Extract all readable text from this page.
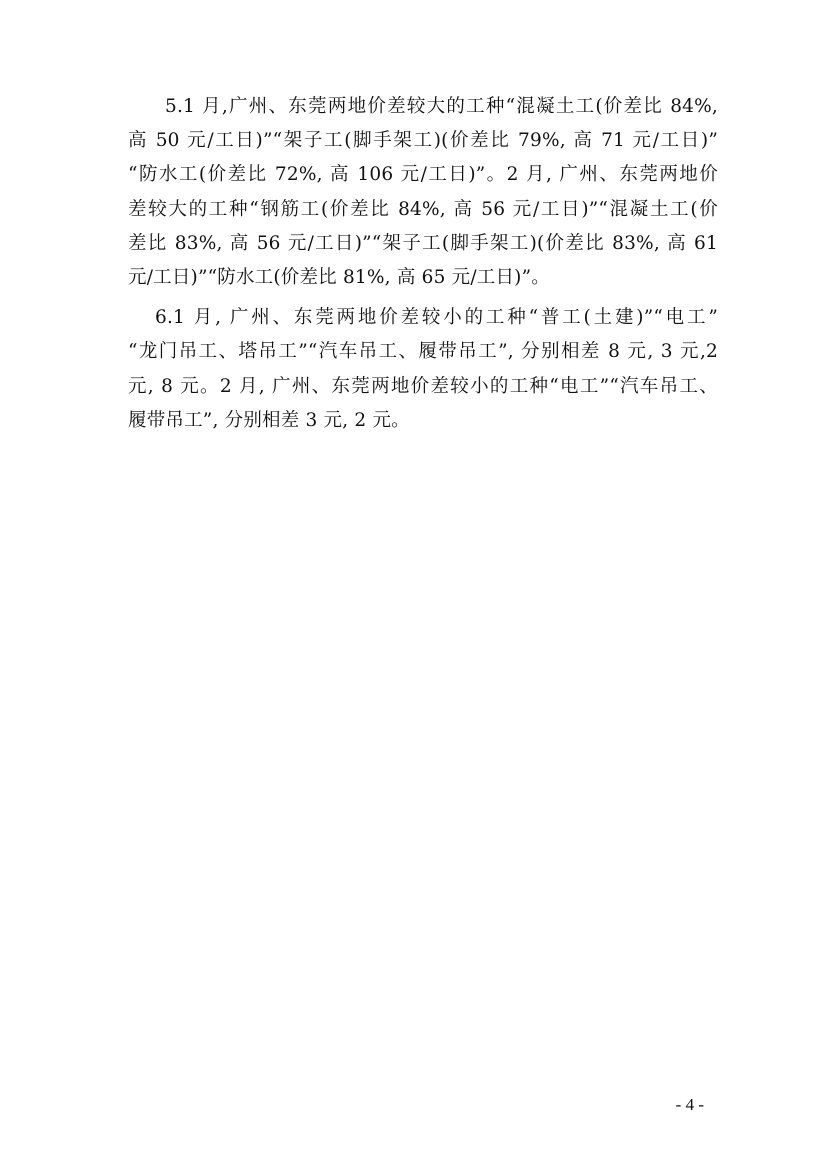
5.1 月,广州、东莞两地价差较大的工种“混凝土工(价差比 84%,
高 50 元/工日)”“架子工(脚手架工)(价差比 79%, 高 71 元/工日)”
“防水工(价差比 72%, 高 106 元/工日)”。2 月, 广州、东莞两地价
差较大的工种“钢筋工(价差比 84%, 高 56 元/工日)”“混凝土工(价
差比 83%, 高 56 元/工日)”“架子工(脚手架工)(价差比 83%, 高 61
元/工日)”“防水工(价差比 81%, 高 65 元/工日)”。
6.1 月, 广州、东莞两地价差较小的工种“普工(土建)”“电工”
“龙门吊工、塔吊工”“汽车吊工、履带吊工”, 分别相差 8 元, 3 元,2
元, 8 元。2 月, 广州、东莞两地价差较小的工种“电工”“汽车吊工、
履带吊工”, 分别相差 3 元, 2 元。
- 4 -
